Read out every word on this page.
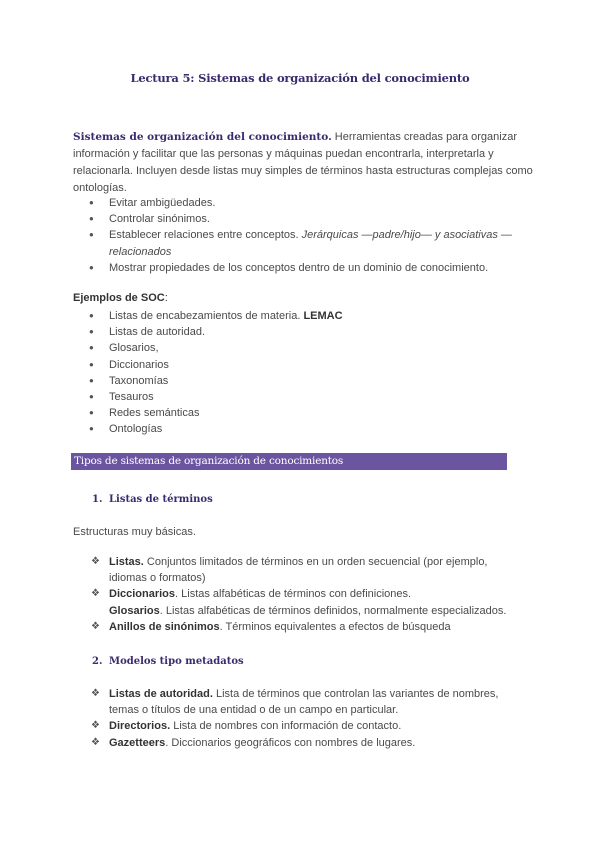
Lectura 5: Sistemas de organización del conocimiento
Sistemas de organización del conocimiento. Herramientas creadas para organizar información y facilitar que las personas y máquinas puedan encontrarla, interpretarla y relacionarla. Incluyen desde listas muy simples de términos hasta estructuras complejas como ontologías.
● Evitar ambigüedades.
● Controlar sinónimos.
● Establecer relaciones entre conceptos. Jerárquicas —padre/hijo— y asociativas —relacionados
● Mostrar propiedades de los conceptos dentro de un dominio de conocimiento.
Ejemplos de SOC:
● Listas de encabezamientos de materia. LEMAC
● Listas de autoridad.
● Glosarios,
● Diccionarios
● Taxonomías
● Tesauros
● Redes semánticas
● Ontologías
Tipos de sistemas de organización de conocimientos
1. Listas de términos
Estructuras muy básicas.
❖ Listas. Conjuntos limitados de términos en un orden secuencial (por ejemplo, idiomas o formatos)
❖ Diccionarios. Listas alfabéticas de términos con definiciones.
Glosarios. Listas alfabéticas de términos definidos, normalmente especializados.
❖ Anillos de sinónimos. Términos equivalentes a efectos de búsqueda
2. Modelos tipo metadatos
❖ Listas de autoridad. Lista de términos que controlan las variantes de nombres, temas o títulos de una entidad o de un campo en particular.
❖ Directorios. Lista de nombres con información de contacto.
❖ Gazetteers. Diccionarios geográficos con nombres de lugares.
